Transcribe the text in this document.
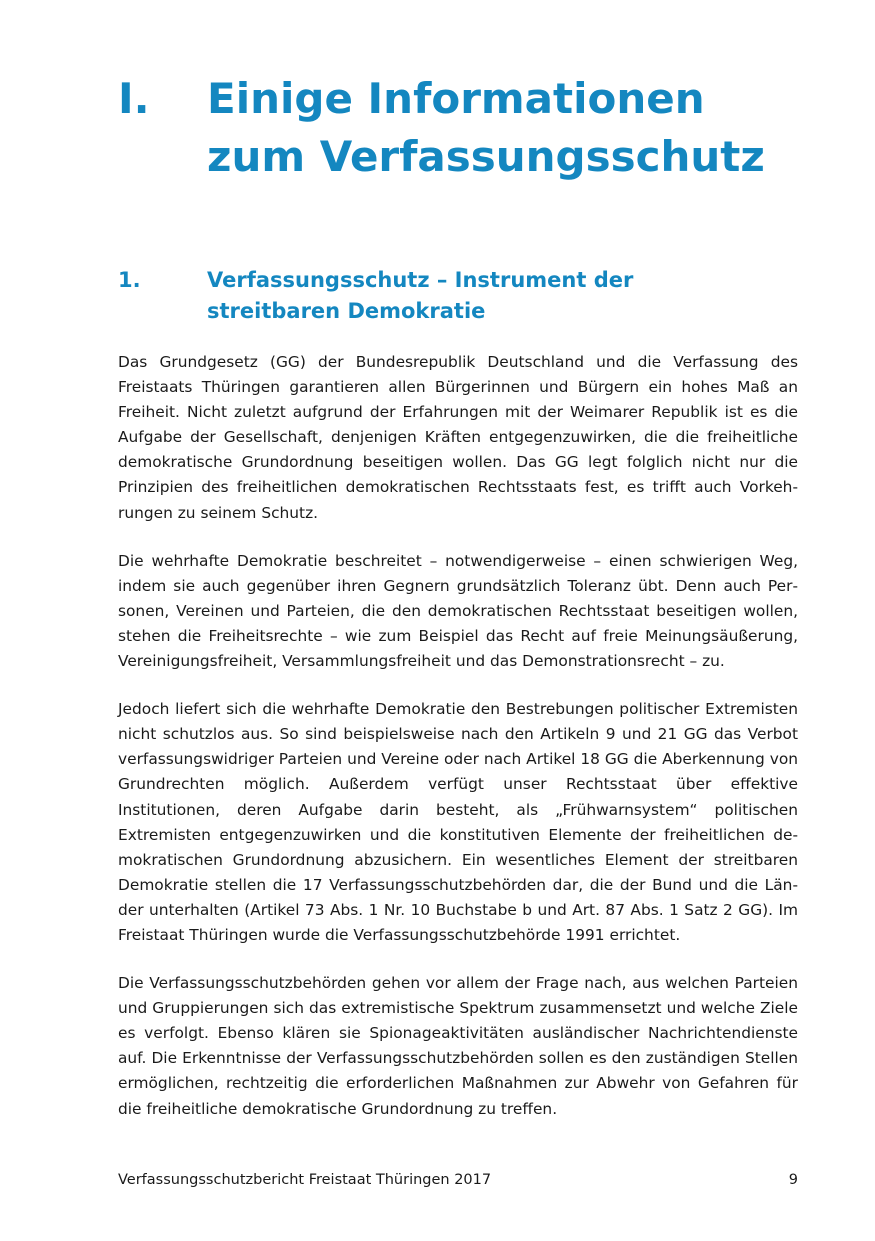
I. Einige Informationen zum Verfassungsschutz
1.	Verfassungsschutz – Instrument der streitbaren Demokratie

Das Grundgesetz (GG) der Bundesrepublik Deutschland und die Verfassung des Freistaats Thüringen garantieren allen Bürgerinnen und Bürgern ein hohes Maß an Freiheit. Nicht zuletzt aufgrund der Erfahrungen mit der Weimarer Republik ist es die Aufgabe der Gesellschaft, denjenigen Kräften entgegenzuwirken, die die freiheitliche demokratische Grundordnung beseitigen wollen. Das GG legt folglich nicht nur die Prinzipien des freiheitlichen demokratischen Rechtsstaats fest, es trifft auch Vorkehrungen zu seinem Schutz.

Die wehrhafte Demokratie beschreitet – notwendigerweise – einen schwierigen Weg, indem sie auch gegenüber ihren Gegnern grundsätzlich Toleranz übt. Denn auch Personen, Vereinen und Parteien, die den demokratischen Rechtsstaat beseitigen wollen, stehen die Freiheitsrechte – wie zum Beispiel das Recht auf freie Meinungsäußerung, Vereinigungsfreiheit, Versammlungsfreiheit und das Demonstrationsrecht – zu.

Jedoch liefert sich die wehrhafte Demokratie den Bestrebungen politischer Extremisten nicht schutzlos aus. So sind beispielsweise nach den Artikeln 9 und 21 GG das Verbot verfassungswidriger Parteien und Vereine oder nach Artikel 18 GG die Aberkennung von Grundrechten möglich. Außerdem verfügt unser Rechtsstaat über effektive Institutionen, deren Aufgabe darin besteht, als „Frühwarnsystem“ politischen Extremisten entgegenzuwirken und die konstitutiven Elemente der freiheitlichen demokratischen Grundordnung abzusichern. Ein wesentliches Element der streitbaren Demokratie stellen die 17 Verfassungsschutzbehörden dar, die der Bund und die Länder unterhalten (Artikel 73 Abs. 1 Nr. 10 Buchstabe b und Art. 87 Abs. 1 Satz 2 GG). Im Freistaat Thüringen wurde die Verfassungsschutzbehörde 1991 errichtet.

Die Verfassungsschutzbehörden gehen vor allem der Frage nach, aus welchen Parteien und Gruppierungen sich das extremistische Spektrum zusammensetzt und welche Ziele es verfolgt. Ebenso klären sie Spionageaktivitäten ausländischer Nachrichtendienste auf. Die Erkenntnisse der Verfassungsschutzbehörden sollen es den zuständigen Stellen ermöglichen, rechtzeitig die erforderlichen Maßnahmen zur Abwehr von Gefahren für die freiheitliche demokratische Grundordnung zu treffen.

Verfassungsschutzbericht Freistaat Thüringen 2017	9
